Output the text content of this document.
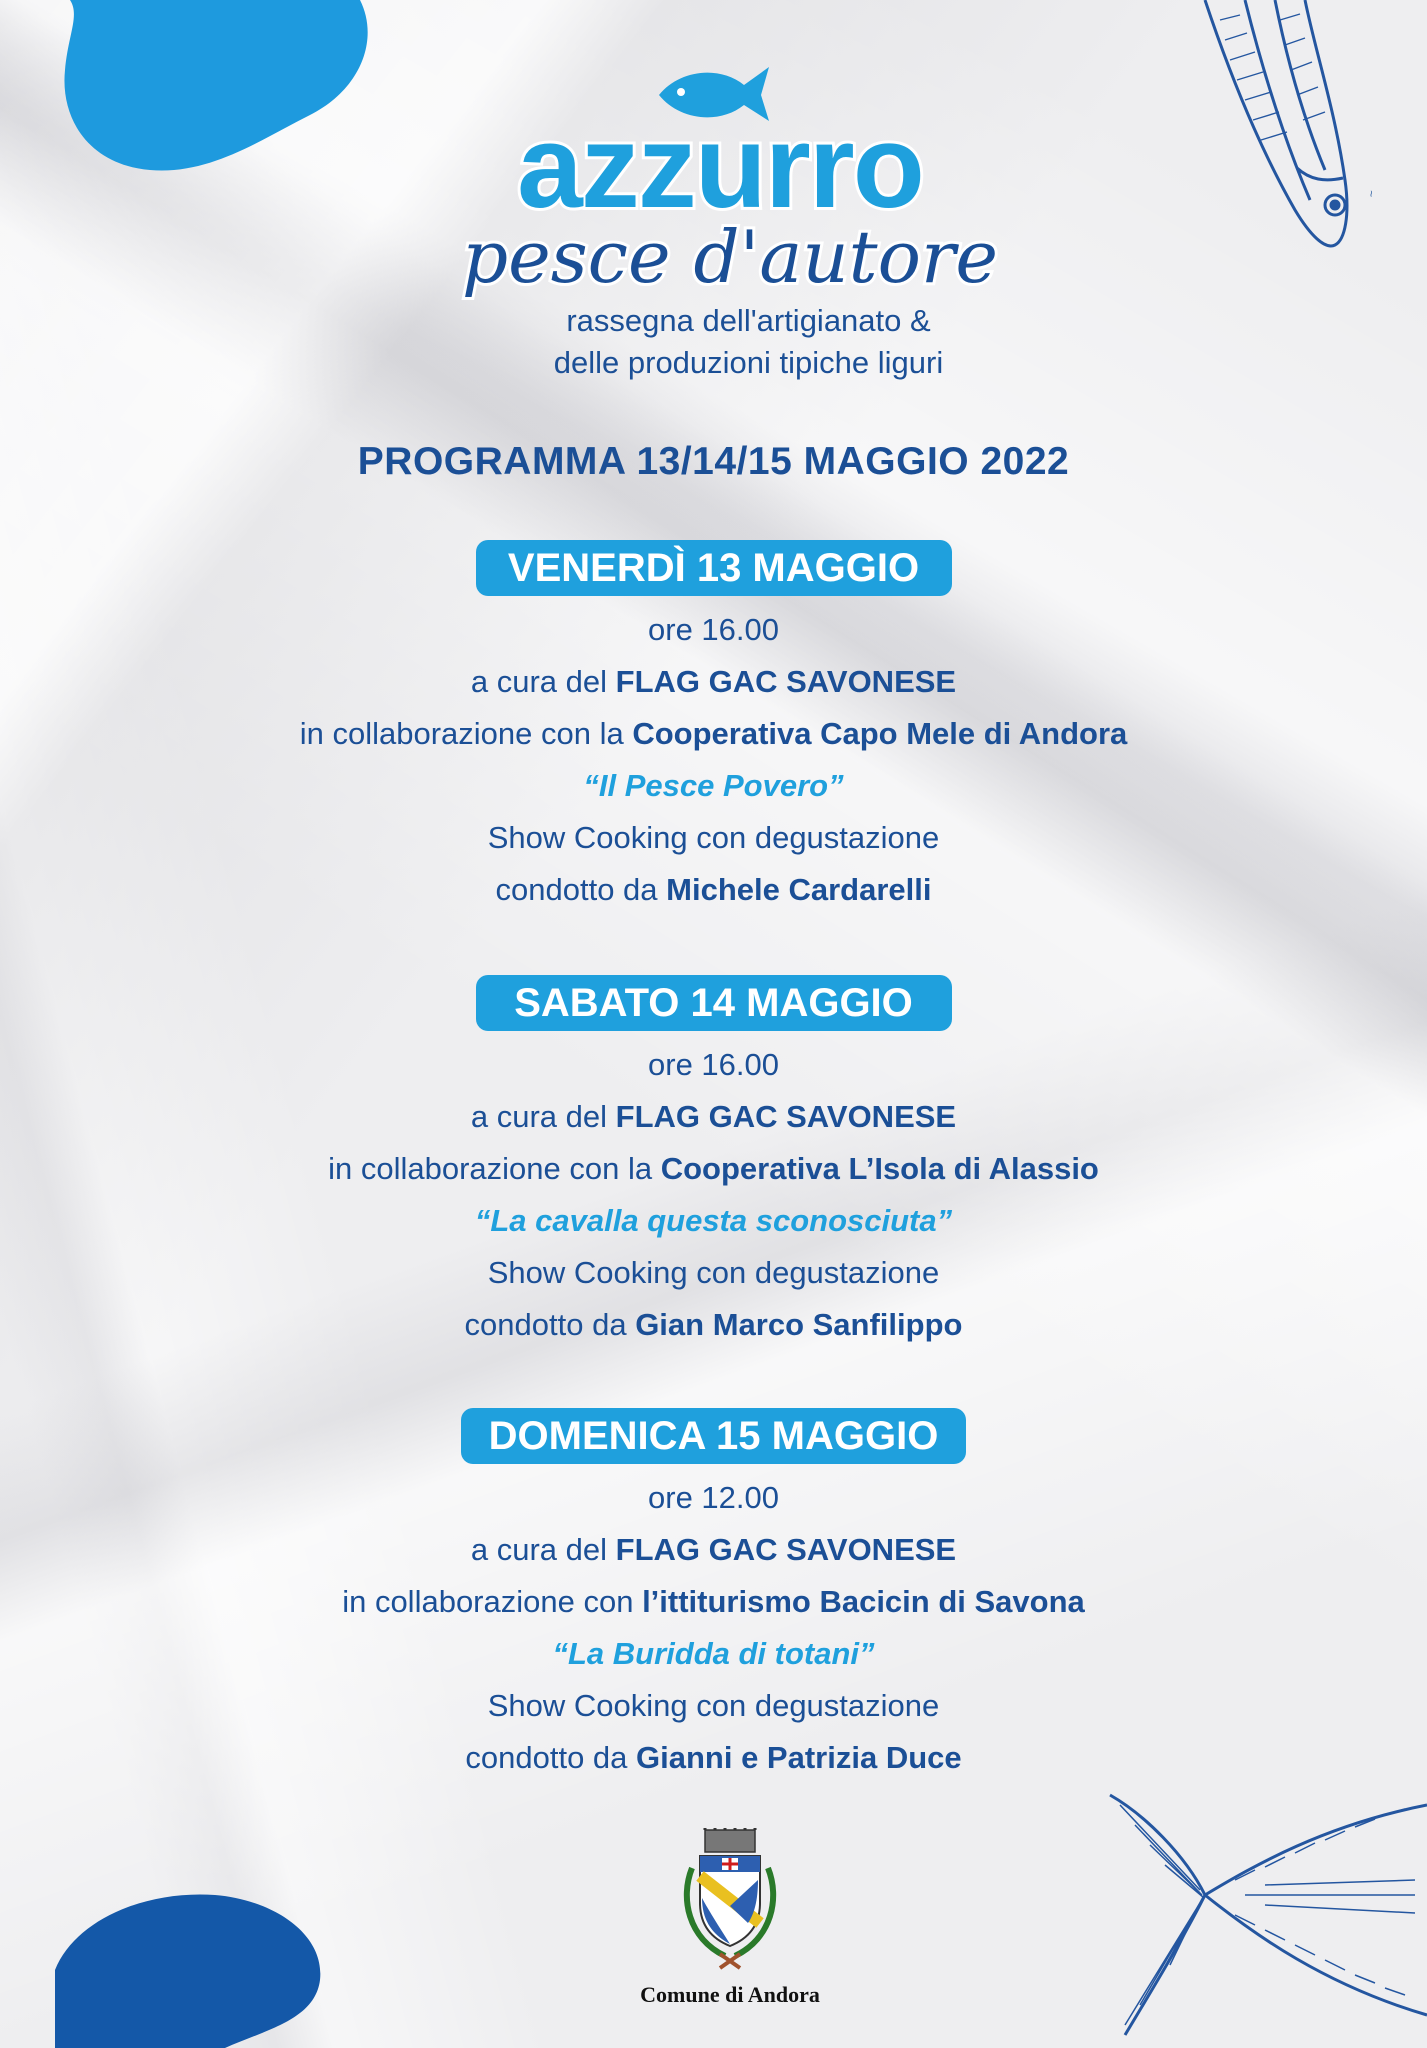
~
azzurro
pesce d'autore
rassegna dell'artigianato &
delle produzioni tipiche liguri
PROGRAMMA 13/14/15 MAGGIO 2022
VENERDÌ 13 MAGGIO
ore 16.00
a cura del FLAG GAC SAVONESE
in collaborazione con la Cooperativa Capo Mele di Andora
“Il Pesce Povero”
Show Cooking con degustazione
condotto da Michele Cardarelli
SABATO 14 MAGGIO
ore 16.00
a cura del FLAG GAC SAVONESE
in collaborazione con la Cooperativa L’Isola di Alassio
“La cavalla questa sconosciuta”
Show Cooking con degustazione
condotto da Gian Marco Sanfilippo
DOMENICA 15 MAGGIO
ore 12.00
a cura del FLAG GAC SAVONESE
in collaborazione con l’ittiturismo Bacicin di Savona
“La Buridda di totani”
Show Cooking con degustazione
condotto da Gianni e Patrizia Duce
Comune di Andora
